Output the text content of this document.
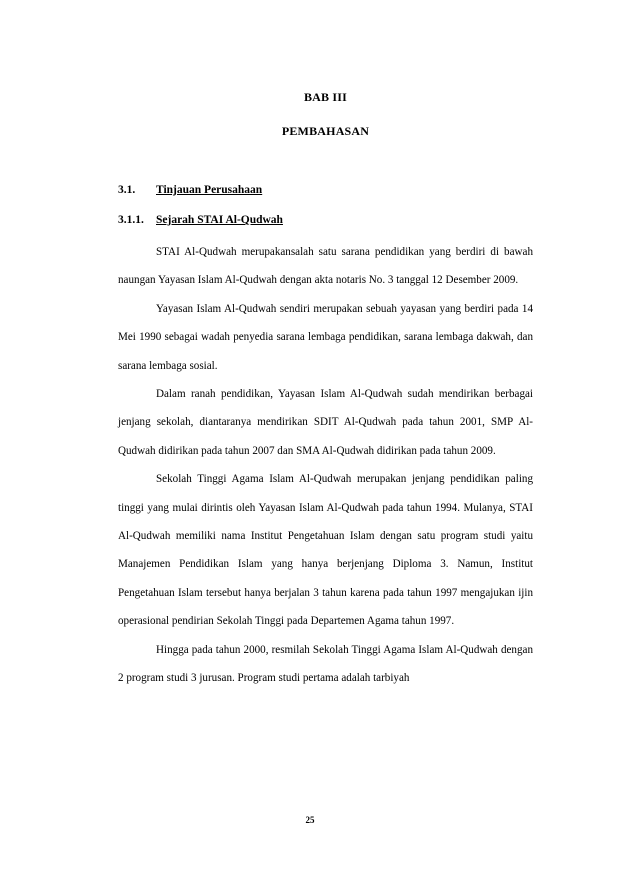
BAB III
PEMBAHASAN
3.1. Tinjauan Perusahaan
3.1.1. Sejarah STAI Al-Qudwah

STAI Al-Qudwah merupakansalah satu sarana pendidikan yang berdiri di bawah naungan Yayasan Islam Al-Qudwah dengan akta notaris No. 3 tanggal 12 Desember 2009.

Yayasan Islam Al-Qudwah sendiri merupakan sebuah yayasan yang berdiri pada 14 Mei 1990 sebagai wadah penyedia sarana lembaga pendidikan, sarana lembaga dakwah, dan sarana lembaga sosial.

Dalam ranah pendidikan, Yayasan Islam Al-Qudwah sudah mendirikan berbagai jenjang sekolah, diantaranya mendirikan SDIT Al-Qudwah pada tahun 2001, SMP Al-Qudwah didirikan pada tahun 2007 dan SMA Al-Qudwah didirikan pada tahun 2009.

Sekolah Tinggi Agama Islam Al-Qudwah merupakan jenjang pendidikan paling tinggi yang mulai dirintis oleh Yayasan Islam Al-Qudwah pada tahun 1994. Mulanya, STAI Al-Qudwah memiliki nama Institut Pengetahuan Islam dengan satu program studi yaitu Manajemen Pendidikan Islam yang hanya berjenjang Diploma 3. Namun, Institut Pengetahuan Islam tersebut hanya berjalan 3 tahun karena pada tahun 1997 mengajukan ijin operasional pendirian Sekolah Tinggi pada Departemen Agama tahun 1997.

Hingga pada tahun 2000, resmilah Sekolah Tinggi Agama Islam Al-Qudwah dengan 2 program studi 3 jurusan. Program studi pertama adalah tarbiyah

25
